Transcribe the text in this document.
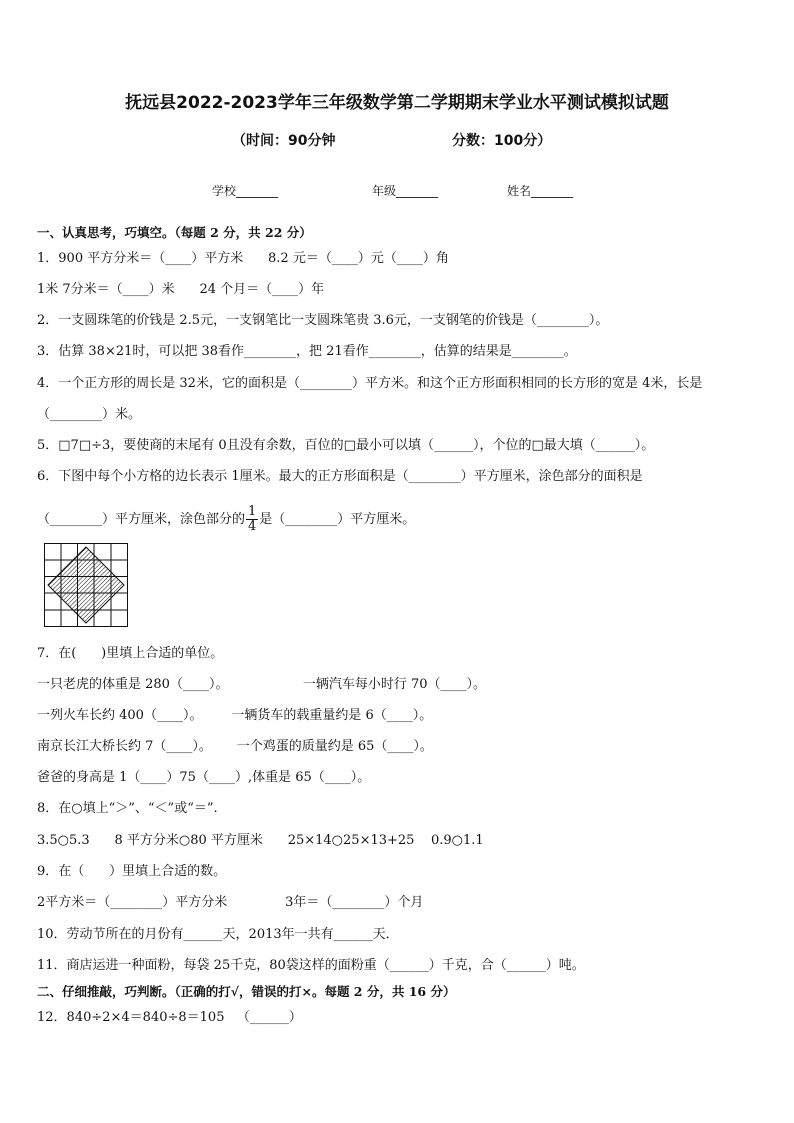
抚远县2022-2023学年三年级数学第二学期期末学业水平测试模拟试题
（时间：90分钟	分数：100分）
学校_______	年级_______	姓名_______
一、认真思考，巧填空。（每题 2 分，共 22 分）
1．900 平方分米＝（____）平方米      8.2 元＝（____）元（____）角
1米 7分米＝（____）米      24 个月＝（____）年
2．一支圆珠笔的价钱是 2.5元，一支钢笔比一支圆珠笔贵 3.6元，一支钢笔的价钱是（________）。
3．估算 38×21时，可以把 38看作________，把 21看作________，估算的结果是________。
4．一个正方形的周长是 32米，它的面积是（________）平方米。和这个正方形面积相同的长方形的宽是 4米，长是
（________）米。
5．□7□÷3，要使商的末尾有 0且没有余数，百位的□最小可以填（______），个位的□最大填（______）。
6．下图中每个小方格的边长表示 1厘米。最大的正方形面积是（________）平方厘米，涂色部分的面积是
（________）平方厘米，涂色部分的 $\frac{1}{4}$ 是（________）平方厘米。
7．在(      )里填上合适的单位。
一只老虎的体重是 280（____）。                  一辆汽车每小时行 70（____）。
一列火车长约 400（____）。       一辆货车的载重量约是 6（____）。
南京长江大桥长约 7（____）。      一个鸡蛋的质量约是 65（____）。
爸爸的身高是 1（____）75（____）,体重是 65（____）。
8．在○填上“＞”、“＜”或“＝”.
3.5○5.3      8 平方分米○80 平方厘米      25×14○25×13+25    0.9○1.1
9．在（      ）里填上合适的数。
2平方米＝（________）平方分米              3年＝（________）个月
10．劳动节所在的月份有______天，2013年一共有______天．
11．商店运进一种面粉，每袋 25千克，80袋这样的面粉重（______）千克，合（______）吨。
二、仔细推敲，巧判断。（正确的打√，错误的打×。每题 2 分，共 16 分）
12．840÷2×4＝840÷8＝105   （______）
